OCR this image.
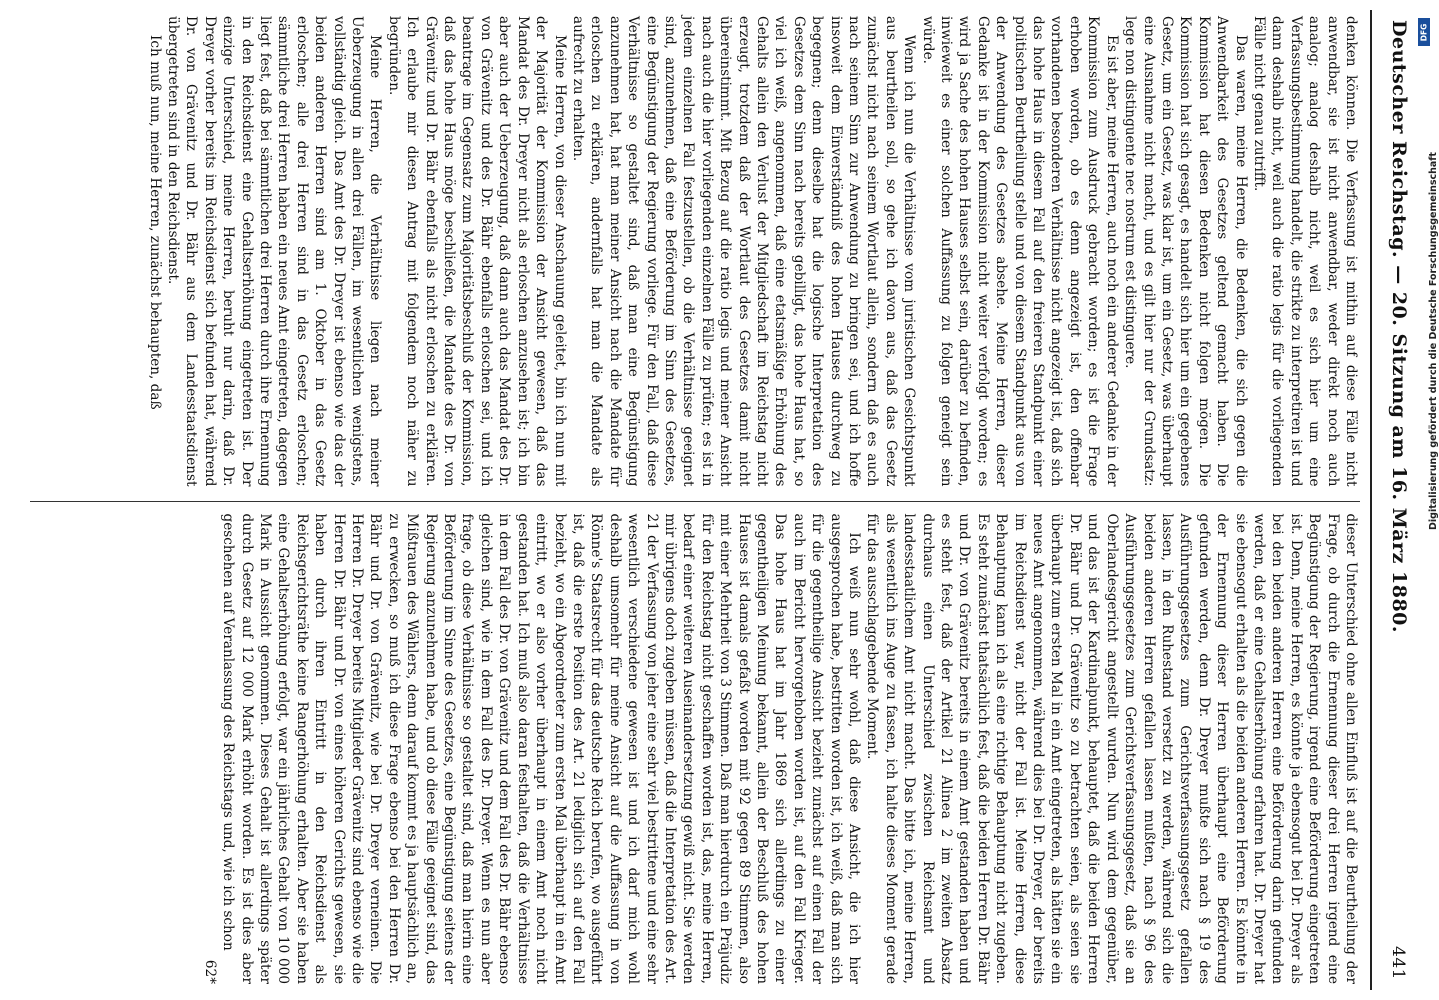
Deutscher Reichstag. — 20. Sitzung am 16. März 1880.
441

denken können. Die Verfassung ist mithin auf diese Fälle nicht anwendbar, sie ist nicht anwendbar, weder direkt noch auch analog; analog deshalb nicht, weil es sich hier um eine Verfassungsbestimmung handelt, die strikte zu interpretiren ist und dann deshalb nicht, weil auch die ratio legis für die vorliegenden Fälle nicht genau zutrifft.

Das waren, meine Herren, die Bedenken, die sich gegen die Anwendbarkeit des Gesetzes geltend gemacht haben. Die Kommission hat diesen Bedenken nicht folgen mögen. Die Kommission hat sich gesagt, es handelt sich hier um ein gegebenes Gesetz, um ein Gesetz, was klar ist, um ein Gesetz, was überhaupt eine Ausnahme nicht macht, und es gilt hier nur der Grundsatz: lege non distinguente nec nostrum est distinguere.

Es ist aber, meine Herren, auch noch ein anderer Gedanke in der Kommission zum Ausdruck gebracht worden; es ist die Frage erhoben worden, ob es denn angezeigt ist, den offenbar vorhandenen besonderen Verhältnisse nicht angezeigt ist, daß sich das hohe Haus in diesem Fall auf den freieren Standpunkt einer politischen Beurtheilung stelle und von diesem Standpunkt aus von der Anwendung des Gesetzes absehe. Meine Herren, dieser Gedanke ist in der Kommission nicht weiter verfolgt worden; es wird ja Sache des hohen Hauses selbst sein, darüber zu befinden, inwieweit es einer solchen Auffassung zu folgen geneigt sein würde.

Wenn ich nun die Verhältnisse vom juristischen Gesichtspunkt aus beurtheilen soll, so gehe ich davon aus, daß das Gesetz zunächst nicht nach seinem Wortlaut allein, sondern daß es auch nach seinem Sinn zur Anwendung zu bringen sei, und ich hoffe insoweit dem Einverständniß des hohen Hauses durchweg zu begegnen; denn dieselbe hat die logische Interpretation des Gesetzes dem Sinn nach bereits gebilligt, das hohe Haus hat, so viel ich weiß, angenommen, daß eine etatsmäßige Erhöhung des Gehalts allein den Verlust der Mitgliedschaft im Reichstag nicht erzeugt, trotzdem daß der Wortlaut des Gesetzes damit nicht übereinstimmt. Mit Bezug auf die ratio legis und meiner Ansicht nach auch die hier vorliegenden einzelnen Fälle zu prüfen; es ist in jedem einzelnen Fall festzustellen, ob die Verhältnisse geeignet sind, anzunehmen, daß eine Beförderung im Sinn des Gesetzes, eine Begünstigung der Regierung vorliege. Für den Fall, daß diese Verhältnisse so gestaltet sind, daß man eine Begünstigung anzunehmen hat, hat man meiner Ansicht nach die Mandate für erloschen zu erklären, andernfalls hat man die Mandate als aufrecht zu erhalten.

Meine Herren, von dieser Anschauung geleitet, bin ich nun mit der Majorität der Kommission der Ansicht gewesen, daß das Mandat des Dr. Dreyer nicht als erloschen anzusehen ist; ich bin aber auch der Ueberzeugung, daß dann auch das Mandat des Dr. von Grävenitz und des Dr. Bähr ebenfalls erloschen sei, und ich beantrage im Gegensatz zum Majoritätsbeschluß der Kommission, daß das hohe Haus möge beschließen, die Mandate des Dr. von Grävenitz und Dr. Bähr ebenfalls als nicht erloschen zu erklären. Ich erlaube mir diesen Antrag mit folgendem noch näher zu begründen.

Meine Herren, die Verhältnisse liegen nach meiner Ueberzeugung in allen drei Fällen, im wesentlichen wenigstens, vollständig gleich. Das Amt des Dr. Dreyer ist ebenso wie das der beiden anderen Herren sind am 1. Oktober in das Gesetz erloschen; alle drei Herren sind in das Gesetz erloschen; sämmtliche drei Herren haben ein neues Amt eingetreten, dagegen liegt fest, daß bei sämmtlichen drei Herren durch ihre Ernennung in den Reichsdienst eine Gehaltserhöhung eingetreten ist. Der einzige Unterschied, meine Herren, beruht nur darin, daß Dr. Dreyer vorher bereits im Reichsdienst sich befunden hat, während Dr. von Grävenitz und Dr. Bähr aus dem Landesstaatsdienst übergetreten sind in den Reichsdienst.

Ich muß nun, meine Herren, zunächst behaupten, daß

dieser Unterschied ohne allen Einfluß ist auf die Beurtheilung der Frage, ob durch die Ernennung dieser drei Herren irgend eine Begünstigung der Regierung, irgend eine Beförderung eingetreten ist. Denn, meine Herren, es könnte ja ebensogut bei Dr. Dreyer als bei den beiden anderen Herren eine Beförderung darin gefunden werden, daß er eine Gehaltserhöhung erfahren hat. Dr. Dreyer hat sie ebensogut erhalten als die beiden anderen Herren. Es könnte in der Ernennung dieser Herren überhaupt eine Beförderung gefunden werden, denn Dr. Dreyer mußte sich nach § 19 des Ausführungsgesetzes zum Gerichtsverfassungsgesetz gefallen lassen, in den Ruhestand versetzt zu werden, während sich die beiden anderen Herren gefallen lassen mußten, nach § 96 des Ausführungsgesetzes zum Gerichtsverfassungsgesetz, daß sie an Oberlandesgericht angestellt wurden. Nun wird dem gegenüber, und das ist der Kardinalpunkt, behauptet, daß die beiden Herren Dr. Bähr und Dr. Grävenitz so zu betrachten seien, als seien sie überhaupt zum ersten Mal in ein Amt eingetreten, als hätten sie ein neues Amt angenommen, während dies bei Dr. Dreyer, der bereits im Reichsdienst war, nicht der Fall ist. Meine Herren, diese Behauptung kann ich als eine richtige Behauptung nicht zugeben. Es steht zunächst thatsächlich fest, daß die beiden Herren Dr. Bähr und Dr. von Grävenitz bereits in einem Amt gestanden haben und es steht fest, daß der Artikel 21 Alinea 2 im zweiten Absatz durchaus einen Unterschied zwischen Reichsamt und landesstaatlichem Amt nicht macht. Das bitte ich, meine Herren, als wesentlich ins Auge zu fassen, ich halte dieses Moment gerade für das ausschlaggebende Moment.

Ich weiß nun sehr wohl, daß diese Ansicht, die ich hier ausgesprochen habe, bestritten worden ist, ich weiß, daß man sich für die gegentheilige Ansicht bezieht zunächst auf einen Fall der auch im Bericht hervorgehoben worden ist, auf den Fall Krieger. Das hohe Haus hat im Jahr 1869 sich allerdings zu einer gegentheiligen Meinung bekannt, allein der Beschluß des hohen Hauses ist damals gefaßt worden mit 92 gegen 89 Stimmen, also mit einer Mehrheit von 3 Stimmen. Daß man hierdurch ein Präjudiz für den Reichstag nicht geschaffen worden ist, das, meine Herren, bedarf einer weiteren Auseinandersetzung gewiß nicht. Sie werden mir übrigens doch zugeben müssen, daß die Interpretation des Art. 21 der Verfassung von jeher eine sehr viel bestrittene und eine sehr wesentlich verschiedene gewesen ist und ich darf mich wohl deshalb umsomehr für meine Ansicht auf die Auffassung in von Rönne's Staatsrecht für das deutsche Reich berufen, wo ausgeführt ist, daß die erste Position des Art. 21 lediglich sich auf den Fall bezieht, wo ein Abgeordneter zum ersten Mal überhaupt in ein Amt eintritt, wo er also vorher überhaupt in einem Amt noch nicht gestanden hat. Ich muß also daran festhalten, daß die Verhältnisse in dem Fall des Dr. von Grävenitz und dem Fall des Dr. Bähr ebenso gleichen sind, wie in dem Fall des Dr. Dreyer. Wenn es nun aber frage, ob diese Verhältnisse so gestaltet sind, daß man hierin eine Beförderung im Sinne des Gesetzes, eine Begünstigung seitens der Regierung anzunehmen habe, und ob diese Fälle geeignet sind, das Mißtrauen des Wählers, denn darauf kommt es ja hauptsächlich an, zu erwecken, so muß ich diese Frage ebenso bei den Herren Dr. Bähr und Dr. von Grävenitz, wie bei Dr. Dreyer verneinen. Die Herren Dr. Dreyer bereits Mitglieder Grävenitz sind ebenso wie die Herren Dr. Bähr und Dr. von eines höheren Gerichts gewesen, sie haben durch ihren Eintritt in den Reichsdienst als Reichsgerichtsräthe keine Rangerhöhung erhalten. Aber sie haben eine Gehaltserhöhung erfolgt, war ein jährliches Gehalt von 10 000 Mark in Aussicht genommen. Dieses Gehalt ist allerdings später durch Gesetz auf 12 000 Mark erhöht worden. Es ist dies aber geschehen auf Veranlassung des Reichstags und, wie ich schon

62*

Digitalisierung gefördert durch die Deutsche Forschungsgemeinschaft
DFG
